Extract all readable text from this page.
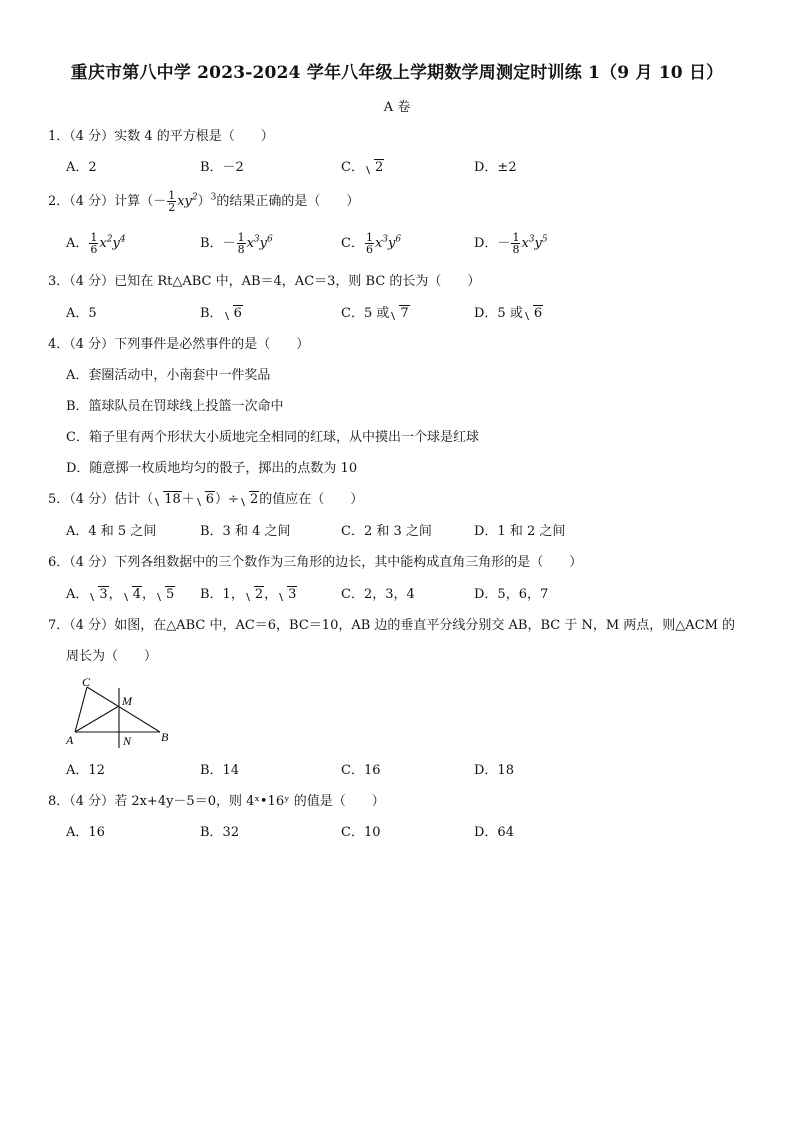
重庆市第八中学 2023-2024 学年八年级上学期数学周测定时训练 1（9 月 10 日）
A 卷
1．（4 分）实数 4 的平方根是（　　）
A．2	B．－2	C． 2	D．±2
2．（4 分）计算（－ $\frac{1}{2} xy^2)^3$的结果正确的是（　　）
A． $\frac{1}{6} x^2y^4$	B．－ $\frac{1}{8} x^3y^6$	C． $\frac{1}{6} x^3y^6$	D．－ $\frac{1}{8} x^3y^5$
3．（4 分）已知在 Rt△ABC 中，AB＝4，AC＝3，则 BC 的长为（　　）
A．5	B． 6	C．5 或 7	D．5 或 6
4．（4 分）下列事件是必然事件的是（　　）
A．套圈活动中，小南套中一件奖品
B．篮球队员在罚球线上投篮一次命中
C．箱子里有两个形状大小质地完全相同的红球，从中摸出一个球是红球
D．随意掷一枚质地均匀的骰子，掷出的点数为 10
5．（4 分）估计（ 18＋ 6）÷ 2的值应在（　　）
A．4 和 5 之间	B．3 和 4 之间	C．2 和 3 之间	D．1 和 2 之间
6．（4 分）下列各组数据中的三个数作为三角形的边长，其中能构成直角三角形的是（　　）
A． 3， 4， 5 B．1， 2， 3	C．2，3，4	D．5，6，7
7．（4 分）如图，在△ABC 中，AC＝6，BC＝10，AB 边的垂直平分线分别交 AB，BC 于 N，M 两点，则△ACM 的
周长为（　　）
C
M
A	N B
A．12	B．14	C．16	D．18
8．（4 分）若 2x+4y－5＝0，则 4ˣ•16ʸ 的值是（　　）
A．16	B．32	C．10	D．64
